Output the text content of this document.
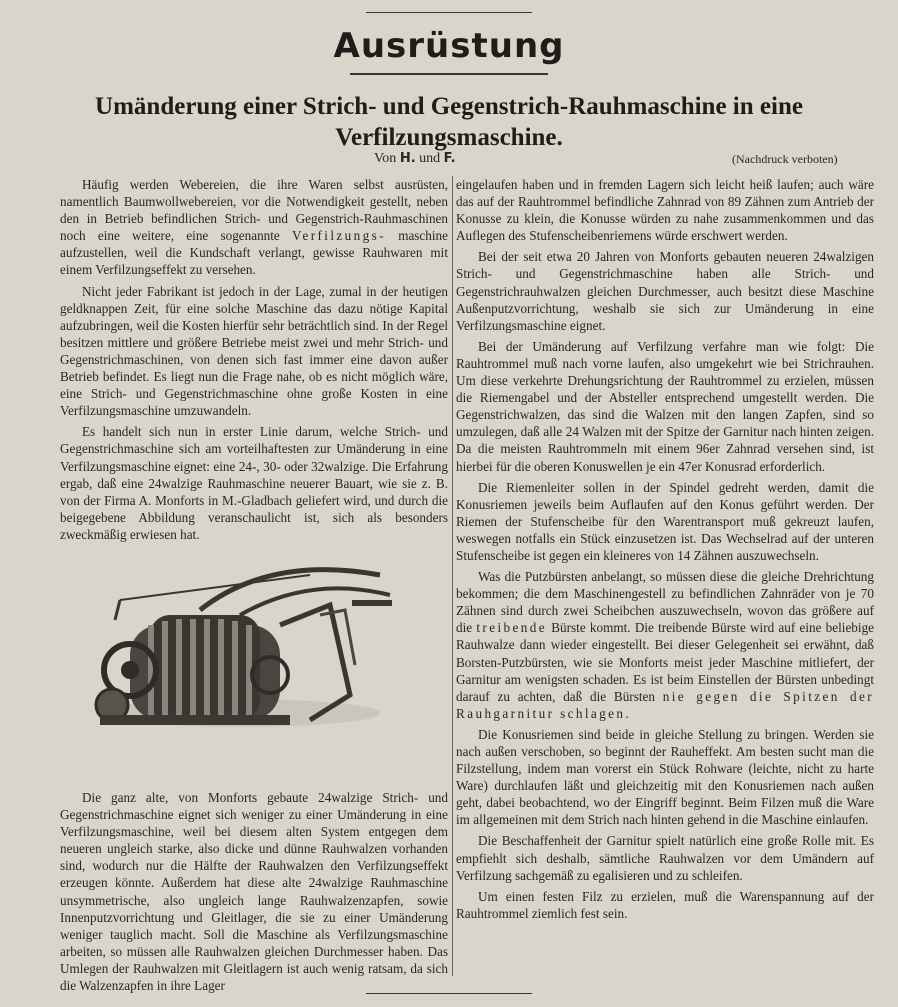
Ausrüstung
Umänderung einer Strich- und Gegenstrich-Rauhmaschine in eine Verfilzungsmaschine.
Von H. und F.	(Nachdruck verboten)

Häufig werden Webereien, die ihre Waren selbst ausrüsten, namentlich Baumwollwebereien, vor die Notwendigkeit gestellt, neben den in Betrieb befindlichen Strich- und Gegenstrich-Rauhmaschinen noch eine weitere, eine sogenannte Verfilzungs- maschine aufzustellen, weil die Kundschaft verlangt, gewisse Rauhwaren mit einem Verfilzungseffekt zu versehen.

Nicht jeder Fabrikant ist jedoch in der Lage, zumal in der heutigen geldknappen Zeit, für eine solche Maschine das dazu nötige Kapital aufzubringen, weil die Kosten hierfür sehr beträchtlich sind. In der Regel besitzen mittlere und größere Betriebe meist zwei und mehr Strich- und Gegenstrichmaschinen, von denen sich fast immer eine davon außer Betrieb befindet. Es liegt nun die Frage nahe, ob es nicht möglich wäre, eine Strich- und Gegenstrichmaschine ohne große Kosten in eine Verfilzungsmaschine umzuwandeln.

Es handelt sich nun in erster Linie darum, welche Strich- und Gegenstrichmaschine sich am vorteilhaftesten zur Umänderung in eine Verfilzungsmaschine eignet: eine 24-, 30- oder 32walzige. Die Erfahrung ergab, daß eine 24walzige Rauhmaschine neuerer Bauart, wie sie z. B. von der Firma A. Monforts in M.-Gladbach geliefert wird, und durch die beigegebene Abbildung veranschaulicht ist, sich als besonders zweckmäßig erwiesen hat.

Die ganz alte, von Monforts gebaute 24walzige Strich- und Gegenstrichmaschine eignet sich weniger zu einer Umänderung in eine Verfilzungsmaschine, weil bei diesem alten System entgegen dem neueren ungleich starke, also dicke und dünne Rauhwalzen vorhanden sind, wodurch nur die Hälfte der Rauhwalzen den Verfilzungseffekt erzeugen könnte. Außerdem hat diese alte 24walzige Rauhmaschine unsymmetrische, also ungleich lange Rauhwalzenzapfen, sowie Innenputzvorrichtung und Gleitlager, die sie zu einer Umänderung weniger tauglich macht. Soll die Maschine als Verfilzungsmaschine arbeiten, so müssen alle Rauhwalzen gleichen Durchmesser haben. Das Umlegen der Rauhwalzen mit Gleitlagern ist auch wenig ratsam, da sich die Walzenzapfen in ihre Lager

eingelaufen haben und in fremden Lagern sich leicht heiß laufen; auch wäre das auf der Rauhtrommel befindliche Zahnrad von 89 Zähnen zum Antrieb der Konusse zu klein, die Konusse würden zu nahe zusammenkommen und das Auflegen des Stufenscheibenriemens würde erschwert werden.

Bei der seit etwa 20 Jahren von Monforts gebauten neueren 24walzigen Strich- und Gegenstrichmaschine haben alle Strich- und Gegenstrichrauhwalzen gleichen Durchmesser, auch besitzt diese Maschine Außenputzvorrichtung, weshalb sie sich zur Umänderung in eine Verfilzungsmaschine eignet.

Bei der Umänderung auf Verfilzung verfahre man wie folgt: Die Rauhtrommel muß nach vorne laufen, also umgekehrt wie bei Strichrauhen. Um diese verkehrte Drehungsrichtung der Rauhtrommel zu erzielen, müssen die Riemengabel und der Absteller entsprechend umgestellt werden. Die Gegenstrichwalzen, das sind die Walzen mit den langen Zapfen, sind so umzulegen, daß alle 24 Walzen mit der Spitze der Garnitur nach hinten zeigen. Da die meisten Rauhtrommeln mit einem 96er Zahnrad versehen sind, ist hierbei für die oberen Konuswellen je ein 47er Konusrad erforderlich.

Die Riemenleiter sollen in der Spindel gedreht werden, damit die Konusriemen jeweils beim Auflaufen auf den Konus geführt werden. Der Riemen der Stufenscheibe für den Warentransport muß gekreuzt laufen, weswegen notfalls ein Stück einzusetzen ist. Das Wechselrad auf der unteren Stufenscheibe ist gegen ein kleineres von 14 Zähnen auszuwechseln.

Was die Putzbürsten anbelangt, so müssen diese die gleiche Drehrichtung bekommen; die dem Maschinengestell zu befindlichen Zahnräder von je 70 Zähnen sind durch zwei Scheibchen auszuwechseln, wovon das größere auf die treibende Bürste kommt. Die treibende Bürste wird auf eine beliebige Rauhwalze dann wieder eingestellt. Bei dieser Gelegenheit sei erwähnt, daß Borsten-Putzbürsten, wie sie Monforts meist jeder Maschine mitliefert, der Garnitur am wenigsten schaden. Es ist beim Einstellen der Bürsten unbedingt darauf zu achten, daß die Bürsten nie gegen die Spitzen der Rauhgarnitur schlagen.

Die Konusriemen sind beide in gleiche Stellung zu bringen. Werden sie nach außen verschoben, so beginnt der Rauheffekt. Am besten sucht man die Filzstellung, indem man vorerst ein Stück Rohware (leichte, nicht zu harte Ware) durchlaufen läßt und gleichzeitig mit den Konusriemen nach außen geht, dabei beobachtend, wo der Eingriff beginnt. Beim Filzen muß die Ware im allgemeinen mit dem Strich nach hinten gehend in die Maschine einlaufen.

Die Beschaffenheit der Garnitur spielt natürlich eine große Rolle mit. Es empfiehlt sich deshalb, sämtliche Rauhwalzen vor dem Umändern auf Verfilzung sachgemäß zu egalisieren und zu schleifen.

Um einen festen Filz zu erzielen, muß die Warenspannung auf der Rauhtrommel ziemlich fest sein.
